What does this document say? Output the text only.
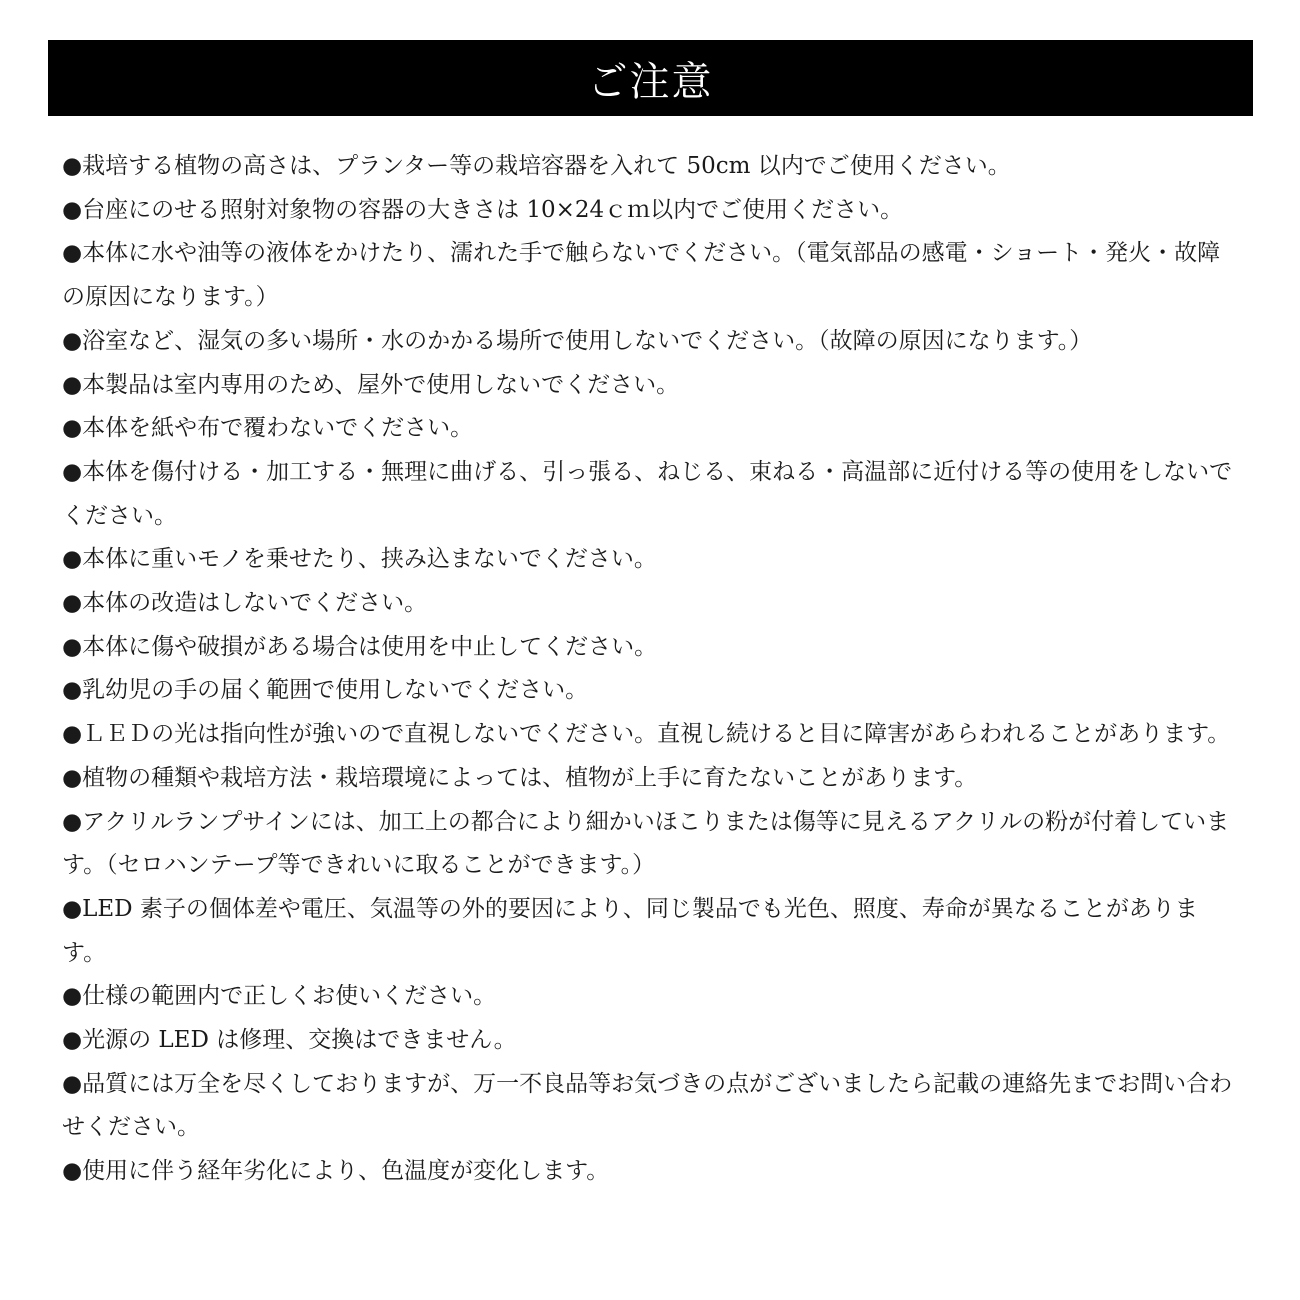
ご注意
●栽培する植物の高さは、プランター等の栽培容器を入れて 50cm 以内でご使用ください。
●台座にのせる照射対象物の容器の大きさは 10×24ｃｍ以内でご使用ください。
●本体に水や油等の液体をかけたり、濡れた手で触らないでください。（電気部品の感電・ショート・発火・故障の原因になります。）
●浴室など、湿気の多い場所・水のかかる場所で使用しないでください。（故障の原因になります。）
●本製品は室内専用のため、屋外で使用しないでください。
●本体を紙や布で覆わないでください。
●本体を傷付ける・加工する・無理に曲げる、引っ張る、ねじる、束ねる・高温部に近付ける等の使用をしないでください。
●本体に重いモノを乗せたり、挟み込まないでください。
●本体の改造はしないでください。
●本体に傷や破損がある場合は使用を中止してください。
●乳幼児の手の届く範囲で使用しないでください。
●ＬＥＤの光は指向性が強いので直視しないでください。直視し続けると目に障害があらわれることがあります。
●植物の種類や栽培方法・栽培環境によっては、植物が上手に育たないことがあります。
●アクリルランプサインには、加工上の都合により細かいほこりまたは傷等に見えるアクリルの粉が付着しています。（セロハンテープ等できれいに取ることができます。）
●LED 素子の個体差や電圧、気温等の外的要因により、同じ製品でも光色、照度、寿命が異なることがあります。
●仕様の範囲内で正しくお使いください。
●光源の LED は修理、交換はできません。
●品質には万全を尽くしておりますが、万一不良品等お気づきの点がございましたら記載の連絡先までお問い合わせください。
●使用に伴う経年劣化により、色温度が変化します。
